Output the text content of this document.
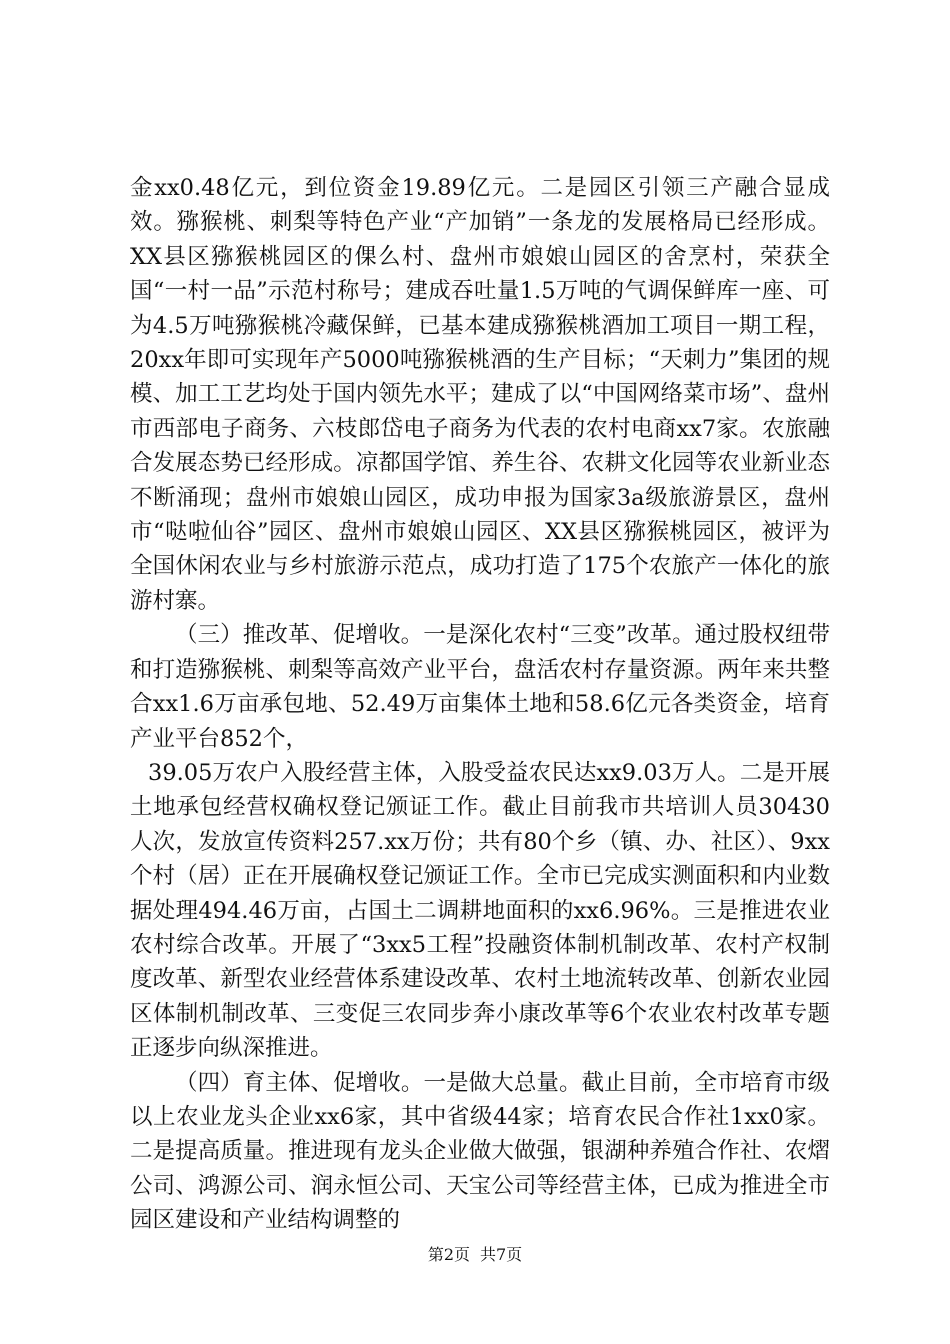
金xx0.48亿元，到位资金19.89亿元。二是园区引领三产融合显成效。猕猴桃、刺梨等特色产业“产加销”一条龙的发展格局已经形成。XX县区猕猴桃园区的倮么村、盘州市娘娘山园区的舍烹村，荣获全国“一村一品”示范村称号；建成吞吐量1.5万吨的气调保鲜库一座、可为4.5万吨猕猴桃冷藏保鲜，已基本建成猕猴桃酒加工项目一期工程，20xx年即可实现年产5000吨猕猴桃酒的生产目标；“天刺力”集团的规模、加工工艺均处于国内领先水平；建成了以“中国网络菜市场”、盘州市西部电子商务、六枝郎岱电子商务为代表的农村电商xx7家。农旅融合发展态势已经形成。凉都国学馆、养生谷、农耕文化园等农业新业态不断涌现；盘州市娘娘山园区，成功申报为国家3a级旅游景区，盘州市“哒啦仙谷”园区、盘州市娘娘山园区、XX县区猕猴桃园区，被评为全国休闲农业与乡村旅游示范点，成功打造了175个农旅产一体化的旅游村寨。

（三）推改革、促增收。一是深化农村“三变”改革。通过股权纽带和打造猕猴桃、刺梨等高效产业平台，盘活农村存量资源。两年来共整合xx1.6万亩承包地、52.49万亩集体土地和58.6亿元各类资金，培育产业平台852个，

39.05万农户入股经营主体，入股受益农民达xx9.03万人。二是开展土地承包经营权确权登记颁证工作。截止目前我市共培训人员30430人次，发放宣传资料257.xx万份；共有80个乡（镇、办、社区）、9xx个村（居）正在开展确权登记颁证工作。全市已完成实测面积和内业数据处理494.46万亩，占国土二调耕地面积的xx6.96%。三是推进农业农村综合改革。开展了“3xx5工程”投融资体制机制改革、农村产权制度改革、新型农业经营体系建设改革、农村土地流转改革、创新农业园区体制机制改革、三变促三农同步奔小康改革等6个农业农村改革专题正逐步向纵深推进。

（四）育主体、促增收。一是做大总量。截止目前，全市培育市级以上农业龙头企业xx6家，其中省级44家；培育农民合作社1xx0家。二是提高质量。推进现有龙头企业做大做强，银湖种养殖合作社、农熠公司、鸿源公司、润永恒公司、天宝公司等经营主体，已成为推进全市园区建设和产业结构调整的

第2页 共7页
